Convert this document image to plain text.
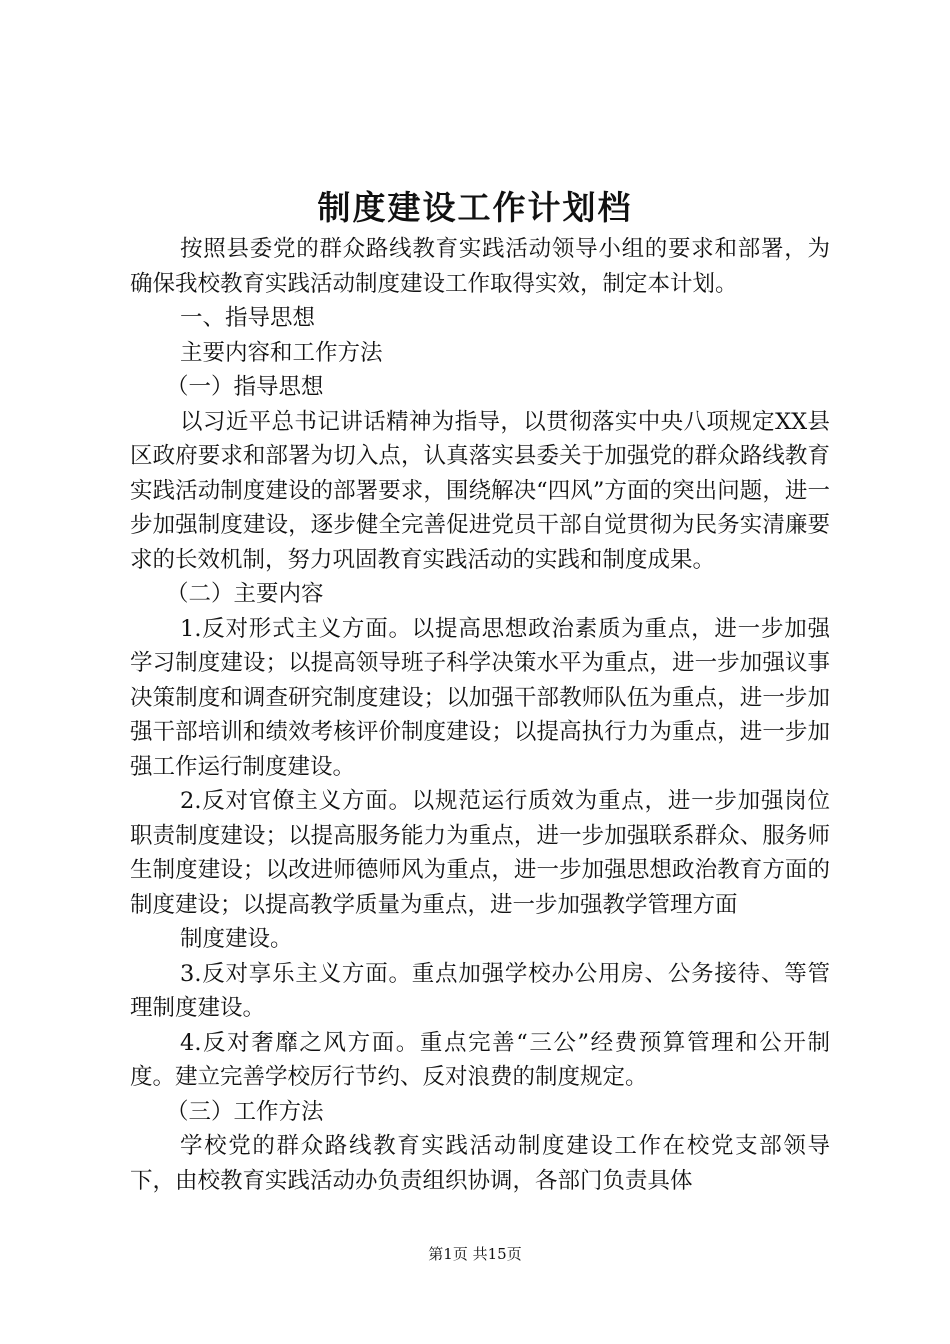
制度建设工作计划档

按照县委党的群众路线教育实践活动领导小组的要求和部署，为确保我校教育实践活动制度建设工作取得实效，制定本计划。

一、指导思想

主要内容和工作方法

（一）指导思想

以习近平总书记讲话精神为指导，以贯彻落实中央八项规定XX县区政府要求和部署为切入点，认真落实县委关于加强党的群众路线教育实践活动制度建设的部署要求，围绕解决“四风”方面的突出问题，进一步加强制度建设，逐步健全完善促进党员干部自觉贯彻为民务实清廉要求的长效机制，努力巩固教育实践活动的实践和制度成果。

（二）主要内容

1.反对形式主义方面。以提高思想政治素质为重点，进一步加强学习制度建设；以提高领导班子科学决策水平为重点，进一步加强议事决策制度和调查研究制度建设；以加强干部教师队伍为重点，进一步加强干部培训和绩效考核评价制度建设；以提高执行力为重点，进一步加强工作运行制度建设。

2.反对官僚主义方面。以规范运行质效为重点，进一步加强岗位职责制度建设；以提高服务能力为重点，进一步加强联系群众、服务师生制度建设；以改进师德师风为重点，进一步加强思想政治教育方面的制度建设；以提高教学质量为重点，进一步加强教学管理方面

制度建设。

3.反对享乐主义方面。重点加强学校办公用房、公务接待、等管理制度建设。

4.反对奢靡之风方面。重点完善“三公”经费预算管理和公开制度。建立完善学校厉行节约、反对浪费的制度规定。

（三）工作方法

学校党的群众路线教育实践活动制度建设工作在校党支部领导下，由校教育实践活动办负责组织协调，各部门负责具体

第1页 共15页
